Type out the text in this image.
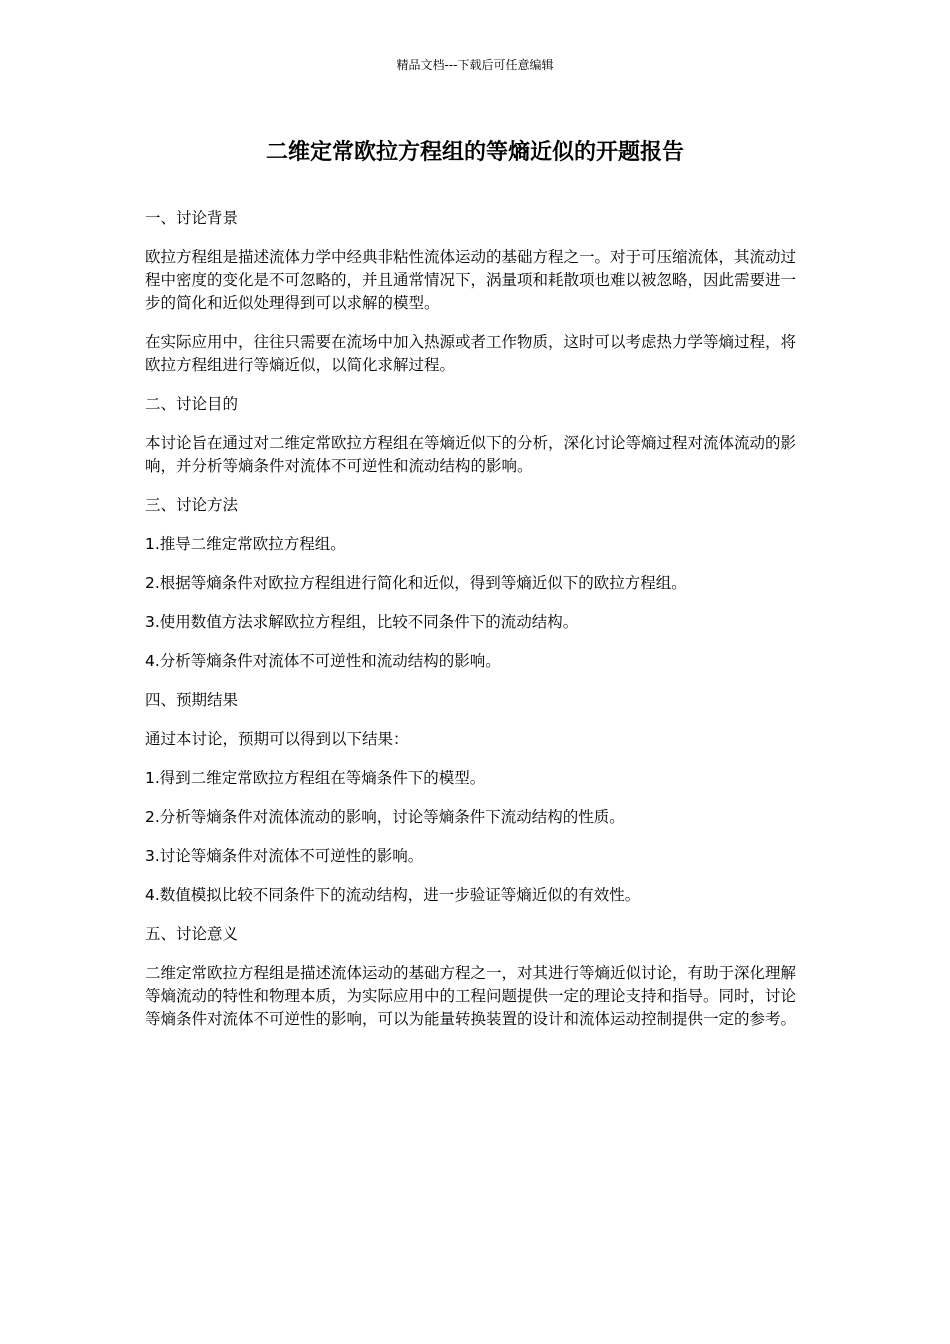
精品文档---下载后可任意编辑
二维定常欧拉方程组的等熵近似的开题报告

一、讨论背景

欧拉方程组是描述流体力学中经典非粘性流体运动的基础方程之一。对于可压缩流体，其流动过程中密度的变化是不可忽略的，并且通常情况下，涡量项和耗散项也难以被忽略，因此需要进一步的简化和近似处理得到可以求解的模型。

在实际应用中，往往只需要在流场中加入热源或者工作物质，这时可以考虑热力学等熵过程，将欧拉方程组进行等熵近似，以简化求解过程。

二、讨论目的

本讨论旨在通过对二维定常欧拉方程组在等熵近似下的分析，深化讨论等熵过程对流体流动的影响，并分析等熵条件对流体不可逆性和流动结构的影响。

三、讨论方法

1.推导二维定常欧拉方程组。

2.根据等熵条件对欧拉方程组进行简化和近似，得到等熵近似下的欧拉方程组。

3.使用数值方法求解欧拉方程组，比较不同条件下的流动结构。

4.分析等熵条件对流体不可逆性和流动结构的影响。

四、预期结果

通过本讨论，预期可以得到以下结果：

1.得到二维定常欧拉方程组在等熵条件下的模型。

2.分析等熵条件对流体流动的影响，讨论等熵条件下流动结构的性质。

3.讨论等熵条件对流体不可逆性的影响。

4.数值模拟比较不同条件下的流动结构，进一步验证等熵近似的有效性。

五、讨论意义

二维定常欧拉方程组是描述流体运动的基础方程之一，对其进行等熵近似讨论，有助于深化理解等熵流动的特性和物理本质，为实际应用中的工程问题提供一定的理论支持和指导。同时，讨论等熵条件对流体不可逆性的影响，可以为能量转换装置的设计和流体运动控制提供一定的参考。
